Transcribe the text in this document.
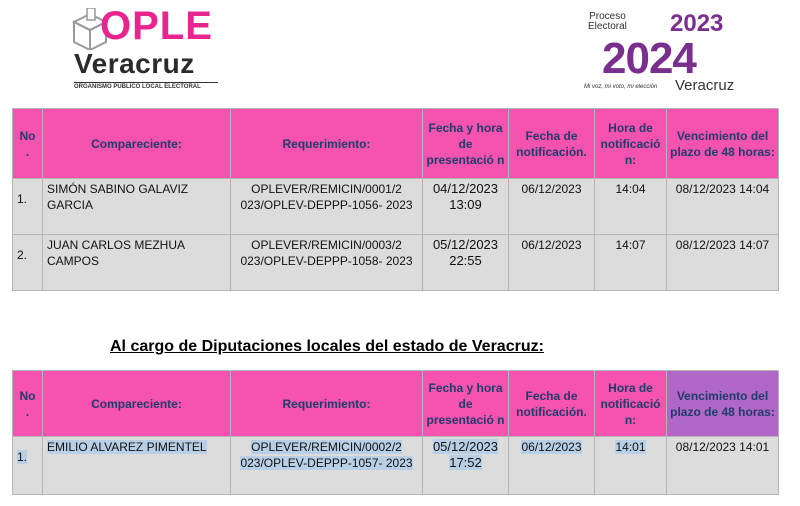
OPLE
Veracruz
ORGANISMO PÚBLICO LOCAL ELECTORAL
Proceso
Electoral 2023
2024
Mi voz, mi voto, mi elección Veracruz
No
.	Compareciente:	Requerimiento:	Fecha y hora de presentació n	Fecha de notificación.	Hora de notificació n:	Vencimiento del plazo de 48 horas:
1.	SIMÓN SABINO GALAVIZ GARCIA	OPLEVER/REMICIN/0001/2 023/OPLEV-DEPPP-1056- 2023	04/12/2023 13:09	06/12/2023	14:04	08/12/2023 14:04
2.	JUAN CARLOS MEZHUA CAMPOS	OPLEVER/REMICIN/0003/2 023/OPLEV-DEPPP-1058- 2023	05/12/2023 22:55	06/12/2023	14:07	08/12/2023 14:07
Al cargo de Diputaciones locales del estado de Veracruz:
No
.	Compareciente:	Requerimiento:	Fecha y hora de presentació n	Fecha de notificación.	Hora de notificació n:	Vencimiento del plazo de 48 horas:
1.	EMILIO ALVAREZ PIMENTEL	OPLEVER/REMICIN/0002/2 023/OPLEV-DEPPP-1057- 2023	05/12/2023 17:52	06/12/2023	14:01	08/12/2023 14:01
